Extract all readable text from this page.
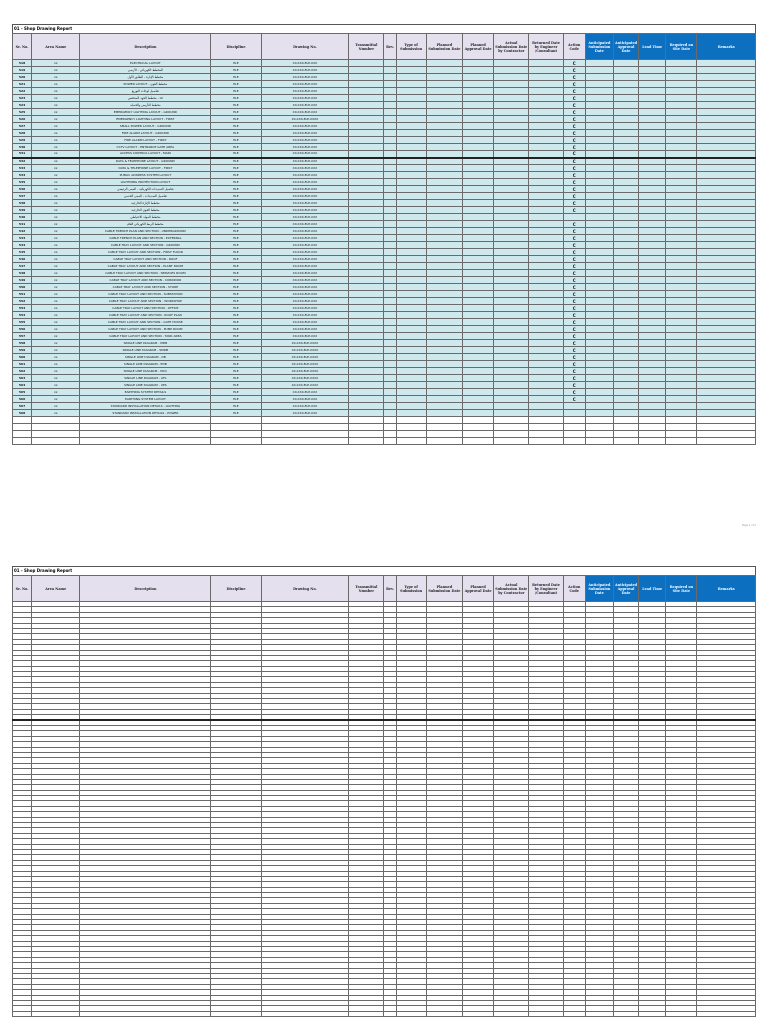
01 - Shop Drawing Report
Sr. No.	Area Name	Description	Discipline	Drawing No.	Transmittal Number	Rev.	Type of Submission	Planned Submission Date	Planned Approval Date	Actual Submission Date by Contractor	Returned Date by Engineer /Consultant	Action Code	Anticipated Submission Date	Anticipated Approval Date	Lead Time	Required on Site Date	Remarks
518	xx	ELECTRICAL LAYOUT	ELE	XX-XXX-ELE-XXX								C					
519	xx	المخطط الكهربائي - الأرضي	ELE	XX-XXX-ELE-XXX								C					
520	xx	مخطط الإنارة - الطابق الأول	ELE	XX-XXX-ELE-XXX								C					
521	xx	POWER LAYOUT - مخطط القوى	ELE	XX-XXX-ELE-XXX								C					
522	xx	تفاصيل لوحات التوزيع	ELE	XX-XXX-ELE-XXX								C					
523	xx	مخطط الجهد المنخفض - LV	ELE	XX-XXX-ELE-XXX								C					
524	xx	مخطط التأريض والحماية	ELE	XX-XXX-ELE-XXX								C					
525	xx	EMERGENCY LIGHTING LAYOUT - GROUND	ELE	XX-XXX-ELE-XXX								C					
526	xx	EMERGENCY LIGHTING LAYOUT - FIRST	ELE	XX-XXX-ELE-XXXX								C					
527	xx	SMALL POWER LAYOUT - GROUND	ELE	XX-XXX-ELE-XXX								C					
528	xx	FIRE ALARM LAYOUT - GROUND	ELE	XX-XXX-ELE-XXX								C					
529	xx	FIRE ALARM LAYOUT - FIRST	ELE	XX-XXX-ELE-XXX								C					
530	xx	CCTV LAYOUT - ENTRANCE GATE AREA	ELE	XX-XXX-ELE-XXX								C					
531	xx	ACCESS CONTROL LAYOUT - MAIN	ELE	XX-XXX-ELE-XXX								C					
532	xx	DATA & TELEPHONE LAYOUT - GROUND	ELE	XX-XXX-ELE-XXX								C					
533	xx	DATA & TELEPHONE LAYOUT - FIRST	ELE	XX-XXX-ELE-XXX								C					
534	xx	PUBLIC ADDRESS SYSTEM LAYOUT	ELE	XX-XXX-ELE-XXX								C					
535	xx	LIGHTNING PROTECTION LAYOUT	ELE	XX-XXX-ELE-XXX								C					
536	xx	تفاصيل التمديدات الكهربائية - المبنى الرئيسي	ELE	XX-XXX-ELE-XXX								C					
537	xx	تفاصيل التمديدات - المبنى الخدمي	ELE	XX-XXX-ELE-XXX								C					
538	xx	مخطط الإنارة الخارجية	ELE	XX-XXX-ELE-XXX								C					
539	xx	مخطط القوى الخارجية	ELE	XX-XXX-ELE-XXX								C					
540	xx	مخطط المولد الاحتياطي	ELE	XX-XXX-ELE-XXX													
541	xx	مخطط الربط الكهربائي العام	ELE	XX-XXX-ELE-XXX								C					
542	xx	CABLE TRENCH PLAN AND SECTION - UNDERGROUND	ELE	XX-XXX-ELE-XXX								C					
543	xx	CABLE TRENCH PLAN AND SECTION - EXTERNAL	ELE	XX-XXX-ELE-XXX								C					
544	xx	CABLE TRAY LAYOUT AND SECTION - GROUND	ELE	XX-XXX-ELE-XXX								C					
545	xx	CABLE TRAY LAYOUT AND SECTION - FIRST FLOOR	ELE	XX-XXX-ELE-XXX								C					
546	xx	CABLE TRAY LAYOUT AND SECTION - ROOF	ELE	XX-XXX-ELE-XXX								C					
547	xx	CABLE TRAY LAYOUT AND SECTION - PLANT ROOM	ELE	XX-XXX-ELE-XXX								C					
548	xx	CABLE TRAY LAYOUT AND SECTION - SERVICES ROOM	ELE	XX-XXX-ELE-XXX								C					
549	xx	CABLE TRAY LAYOUT AND SECTION - CORRIDOR	ELE	XX-XXX-ELE-XXX								C					
550	xx	CABLE TRAY LAYOUT AND SECTION - STORE	ELE	XX-XXX-ELE-XXX								C					
551	xx	CABLE TRAY LAYOUT AND SECTION - SUBSTATION	ELE	XX-XXX-ELE-XXX								C					
552	xx	CABLE TRAY LAYOUT AND SECTION - WORKSHOP	ELE	XX-XXX-ELE-XXX								C					
553	xx	CABLE TRAY LAYOUT AND SECTION - OFFICE	ELE	XX-XXX-ELE-XXX								C					
554	xx	CABLE TRAY LAYOUT AND SECTION - ROOF PLAN	ELE	XX-XXX-ELE-XXX								C					
555	xx	CABLE TRAY LAYOUT AND SECTION - GATE HOUSE	ELE	XX-XXX-ELE-XXX								C					
556	xx	CABLE TRAY LAYOUT AND SECTION - PUMP ROOM	ELE	XX-XXX-ELE-XXX								C					
557	xx	CABLE TRAY LAYOUT AND SECTION - TANK AREA	ELE	XX-XXX-ELE-XXX								C					
558	xx	SINGLE LINE DIAGRAM - MDB	ELE	XX-XXX-ELE-XXXX								C					
559	xx	SINGLE LINE DIAGRAM - SMDB	ELE	XX-XXX-ELE-XXXX								C					
560	xx	SINGLE LINE DIAGRAM - DB	ELE	XX-XXX-ELE-XXXX								C					
561	xx	SINGLE LINE DIAGRAM - EDB	ELE	XX-XXX-ELE-XXXX								C					
562	xx	SINGLE LINE DIAGRAM - MCC	ELE	XX-XXX-ELE-XXXX								C					
563	xx	SINGLE LINE DIAGRAM - ATS	ELE	XX-XXX-ELE-XXXX								C					
564	xx	SINGLE LINE DIAGRAM - UPS	ELE	XX-XXX-ELE-XXXX								C					
565	xx	EARTHING SYSTEM DETAILS	ELE	XX-XXX-ELE-XXX								C					
566	xx	EARTHING SYSTEM LAYOUT	ELE	XX-XXX-ELE-XXX								C					
567	xx	STANDARD INSTALLATION DETAILS - LIGHTING	ELE	XX-XXX-ELE-XXX													
568	xx	STANDARD INSTALLATION DETAILS - POWER	ELE	XX-XXX-ELE-XXX													

Page 1 of 2
01 - Shop Drawing Report
Sr. No.	Area Name	Description	Discipline	Drawing No.	Transmittal Number	Rev.	Type of Submission	Planned Submission Date	Planned Approval Date	Actual Submission Date by Contractor	Returned Date by Engineer /Consultant	Action Code	Anticipated Submission Date	Anticipated Approval Date	Lead Time	Required on Site Date	Remarks
